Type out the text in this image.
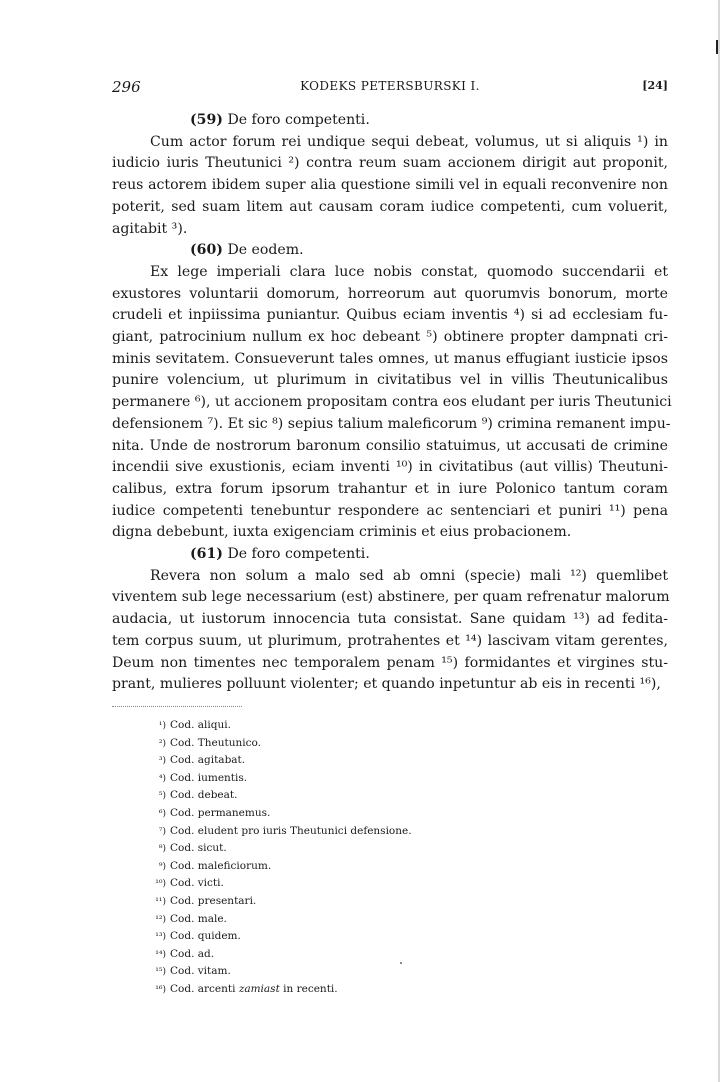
296	KODEKS PETERSBURSKI I.	[24]
(59) De foro competenti.
Cum actor forum rei undique sequi debeat, volumus, ut si aliquis ¹) in
iudicio iuris Theutunici ²) contra reum suam accionem dirigit aut proponit,
reus actorem ibidem super alia questione simili vel in equali reconvenire non
poterit, sed suam litem aut causam coram iudice competenti, cum voluerit,
agitabit ³).
(60) De eodem.
Ex lege imperiali clara luce nobis constat, quomodo succendarii et
exustores voluntarii domorum, horreorum aut quorumvis bonorum, morte
crudeli et inpiissima puniantur. Quibus eciam inventis ⁴) si ad ecclesiam fu-
giant, patrocinium nullum ex hoc debeant ⁵) obtinere propter dampnati cri-
minis sevitatem. Consueverunt tales omnes, ut manus effugiant iusticie ipsos
punire volencium, ut plurimum in civitatibus vel in villis Theutunicalibus
permanere ⁶), ut accionem propositam contra eos eludant per iuris Theutunici
defensionem ⁷). Et sic ⁸) sepius talium maleficorum ⁹) crimina remanent impu-
nita. Unde de nostrorum baronum consilio statuimus, ut accusati de crimine
incendii sive exustionis, eciam inventi ¹⁰) in civitatibus (aut villis) Theutuni-
calibus, extra forum ipsorum trahantur et in iure Polonico tantum coram
iudice competenti tenebuntur respondere ac sentenciari et puniri ¹¹) pena
digna debebunt, iuxta exigenciam criminis et eius probacionem.
(61) De foro competenti.
Revera non solum a malo sed ab omni (specie) mali ¹²) quemlibet
viventem sub lege necessarium (est) abstinere, per quam refrenatur malorum
audacia, ut iustorum innocencia tuta consistat. Sane quidam ¹³) ad fedita-
tem corpus suum, ut plurimum, protrahentes et ¹⁴) lascivam vitam gerentes,
Deum non timentes nec temporalem penam ¹⁵) formidantes et virgines stu-
prant, mulieres polluunt violenter; et quando inpetuntur ab eis in recenti ¹⁶),
¹) Cod. aliqui.
²) Cod. Theutunico.
³) Cod. agitabat.
⁴) Cod. iumentis.
⁵) Cod. debeat.
⁶) Cod. permanemus.
⁷) Cod. eludent pro iuris Theutunici defensione.
⁸) Cod. sicut.
⁹) Cod. maleficiorum.
¹⁰) Cod. victi.
¹¹) Cod. presentari.
¹²) Cod. male.
¹³) Cod. quidem.
¹⁴) Cod. ad.
¹⁵) Cod. vitam.
¹⁶) Cod. arcenti zamiast in recenti.
